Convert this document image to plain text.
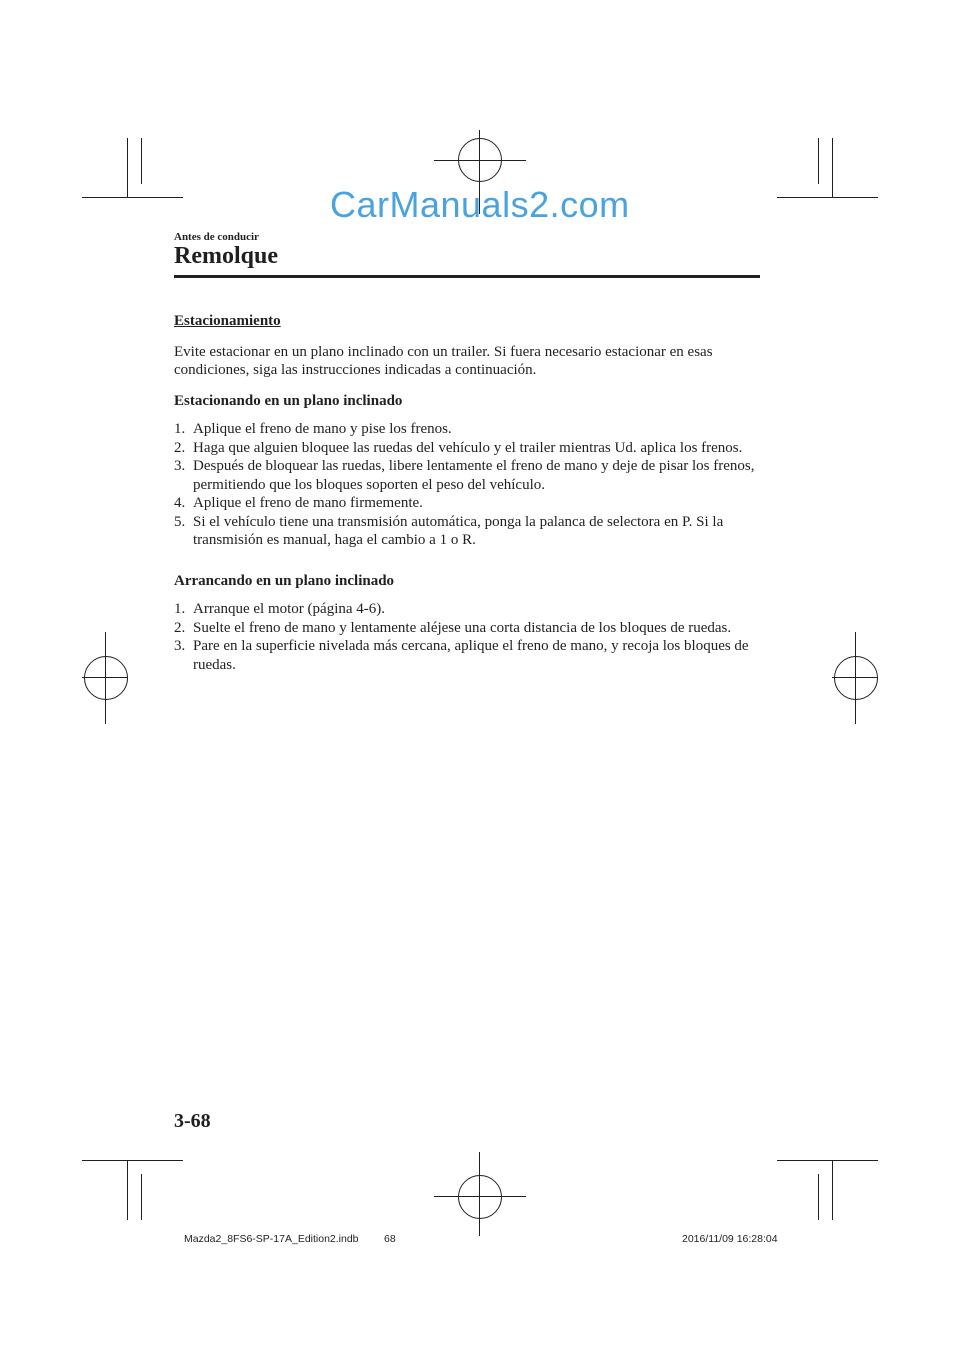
CarManuals2.com
Antes de conducir
Remolque

Estacionamiento

Evite estacionar en un plano inclinado con un trailer. Si fuera necesario estacionar en esas condiciones, siga las instrucciones indicadas a continuación.

Estacionando en un plano inclinado

1. Aplique el freno de mano y pise los frenos.
2. Haga que alguien bloquee las ruedas del vehículo y el trailer mientras Ud. aplica los frenos.
3. Después de bloquear las ruedas, libere lentamente el freno de mano y deje de pisar los frenos, permitiendo que los bloques soporten el peso del vehículo.
4. Aplique el freno de mano firmemente.
5. Si el vehículo tiene una transmisión automática, ponga la palanca de selectora en P. Si la transmisión es manual, haga el cambio a 1 o R.

Arrancando en un plano inclinado

1. Arranque el motor (página 4-6).
2. Suelte el freno de mano y lentamente aléjese una corta distancia de los bloques de ruedas.
3. Pare en la superficie nivelada más cercana, aplique el freno de mano, y recoja los bloques de ruedas.
3-68
Mazda2_8FS6-SP-17A_Edition2.indb 68	2016/11/09 16:28:04
